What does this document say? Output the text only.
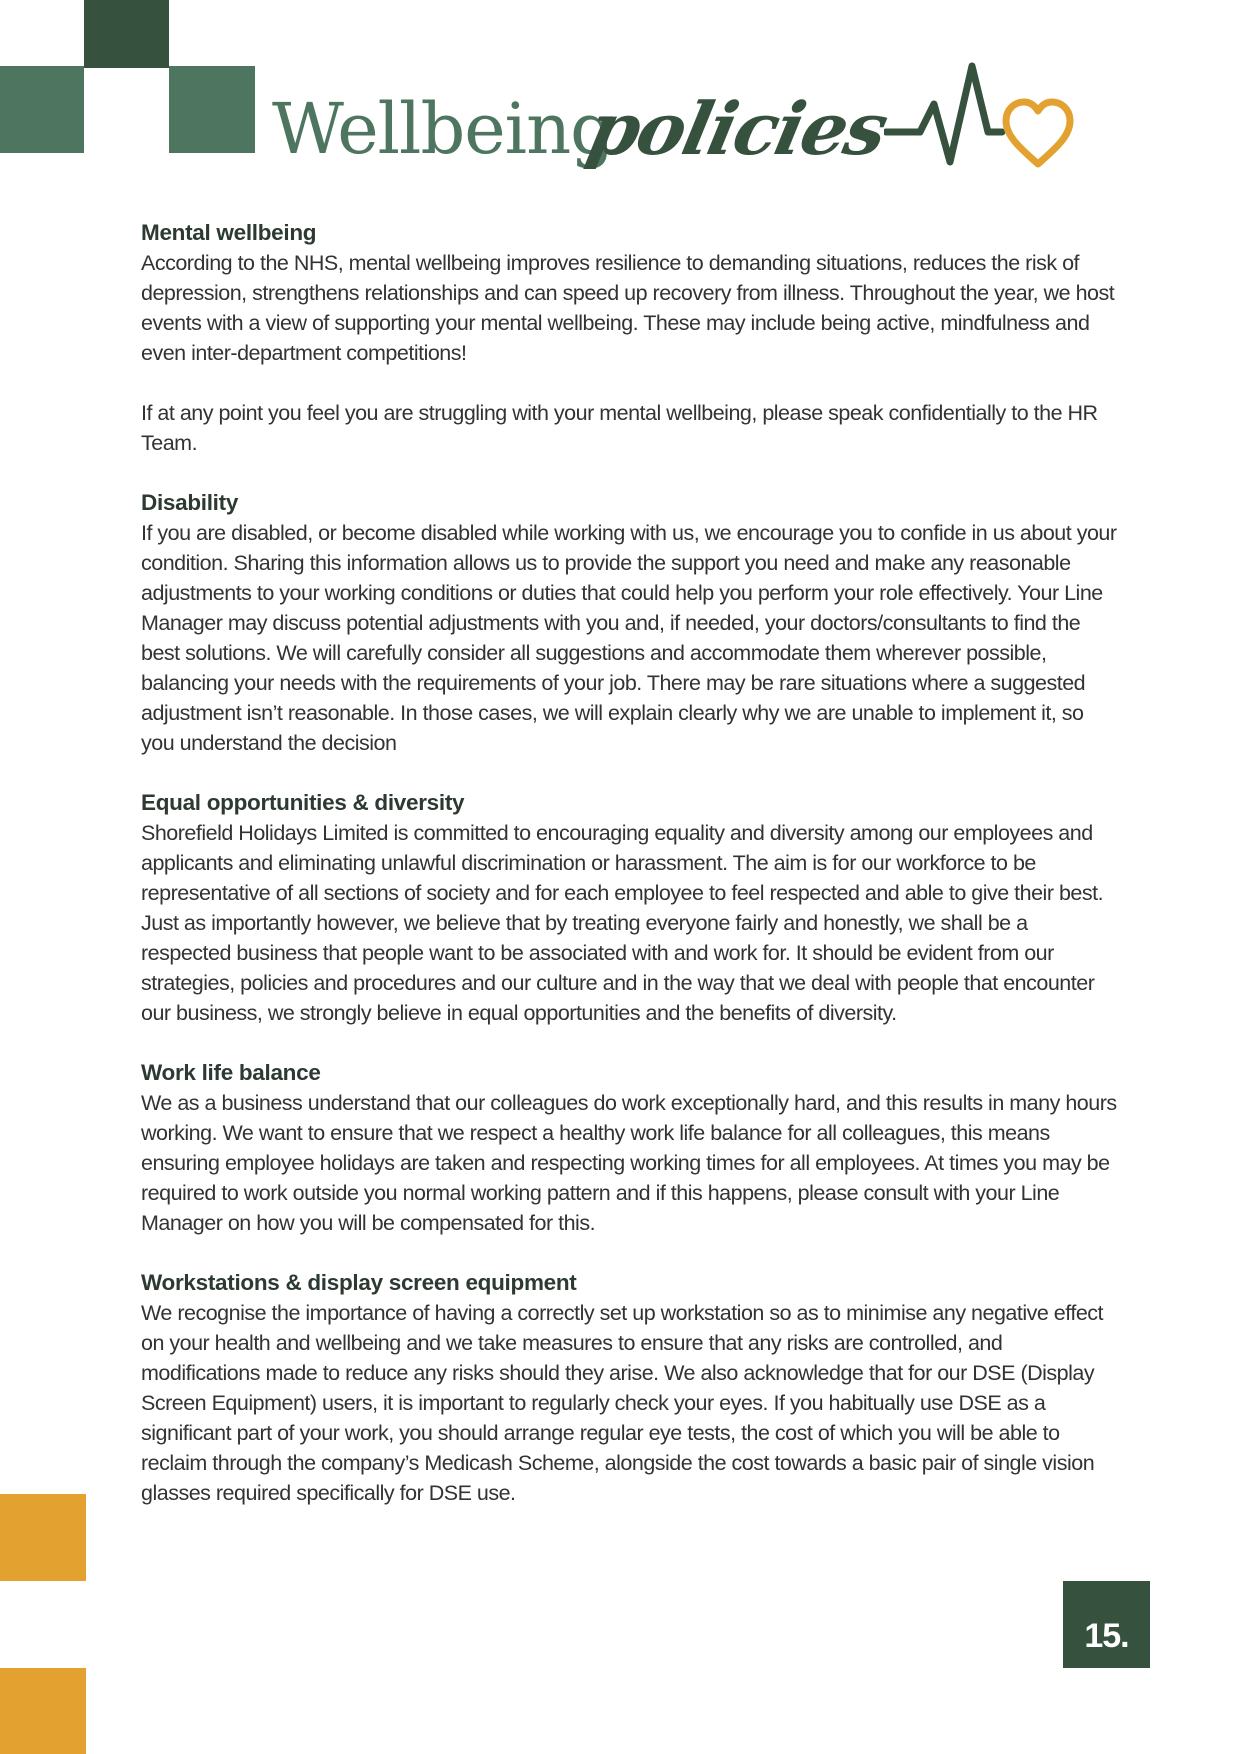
Wellbeing
policies
Mental wellbeing

According to the NHS, mental wellbeing improves resilience to demanding situations, reduces the risk of depression, strengthens relationships and can speed up recovery from illness. Throughout the year, we host events with a view of supporting your mental wellbeing. These may include being active, mindfulness and even inter-department competitions!

If at any point you feel you are struggling with your mental wellbeing, please speak confidentially to the HR Team.

Disability

If you are disabled, or become disabled while working with us, we encourage you to confide in us about your condition. Sharing this information allows us to provide the support you need and make any reasonable adjustments to your working conditions or duties that could help you perform your role effectively. Your Line Manager may discuss potential adjustments with you and, if needed, your doctors/consultants to find the best solutions. We will carefully consider all suggestions and accommodate them wherever possible, balancing your needs with the requirements of your job. There may be rare situations where a suggested adjustment isn’t reasonable. In those cases, we will explain clearly why we are unable to implement it, so you understand the decision

Equal opportunities & diversity

Shorefield Holidays Limited is committed to encouraging equality and diversity among our employees and applicants and eliminating unlawful discrimination or harassment. The aim is for our workforce to be representative of all sections of society and for each employee to feel respected and able to give their best. Just as importantly however, we believe that by treating everyone fairly and honestly, we shall be a respected business that people want to be associated with and work for. It should be evident from our strategies, policies and procedures and our culture and in the way that we deal with people that encounter our business, we strongly believe in equal opportunities and the benefits of diversity.

Work life balance

We as a business understand that our colleagues do work exceptionally hard, and this results in many hours working. We want to ensure that we respect a healthy work life balance for all colleagues, this means ensuring employee holidays are taken and respecting working times for all employees. At times you may be required to work outside you normal working pattern and if this happens, please consult with your Line Manager on how you will be compensated for this.

Workstations & display screen equipment

We recognise the importance of having a correctly set up workstation so as to minimise any negative effect on your health and wellbeing and we take measures to ensure that any risks are controlled, and modifications made to reduce any risks should they arise. We also acknowledge that for our DSE (Display Screen Equipment) users, it is important to regularly check your eyes. If you habitually use DSE as a significant part of your work, you should arrange regular eye tests, the cost of which you will be able to reclaim through the company’s Medicash Scheme, alongside the cost towards a basic pair of single vision glasses required specifically for DSE use.

15.
